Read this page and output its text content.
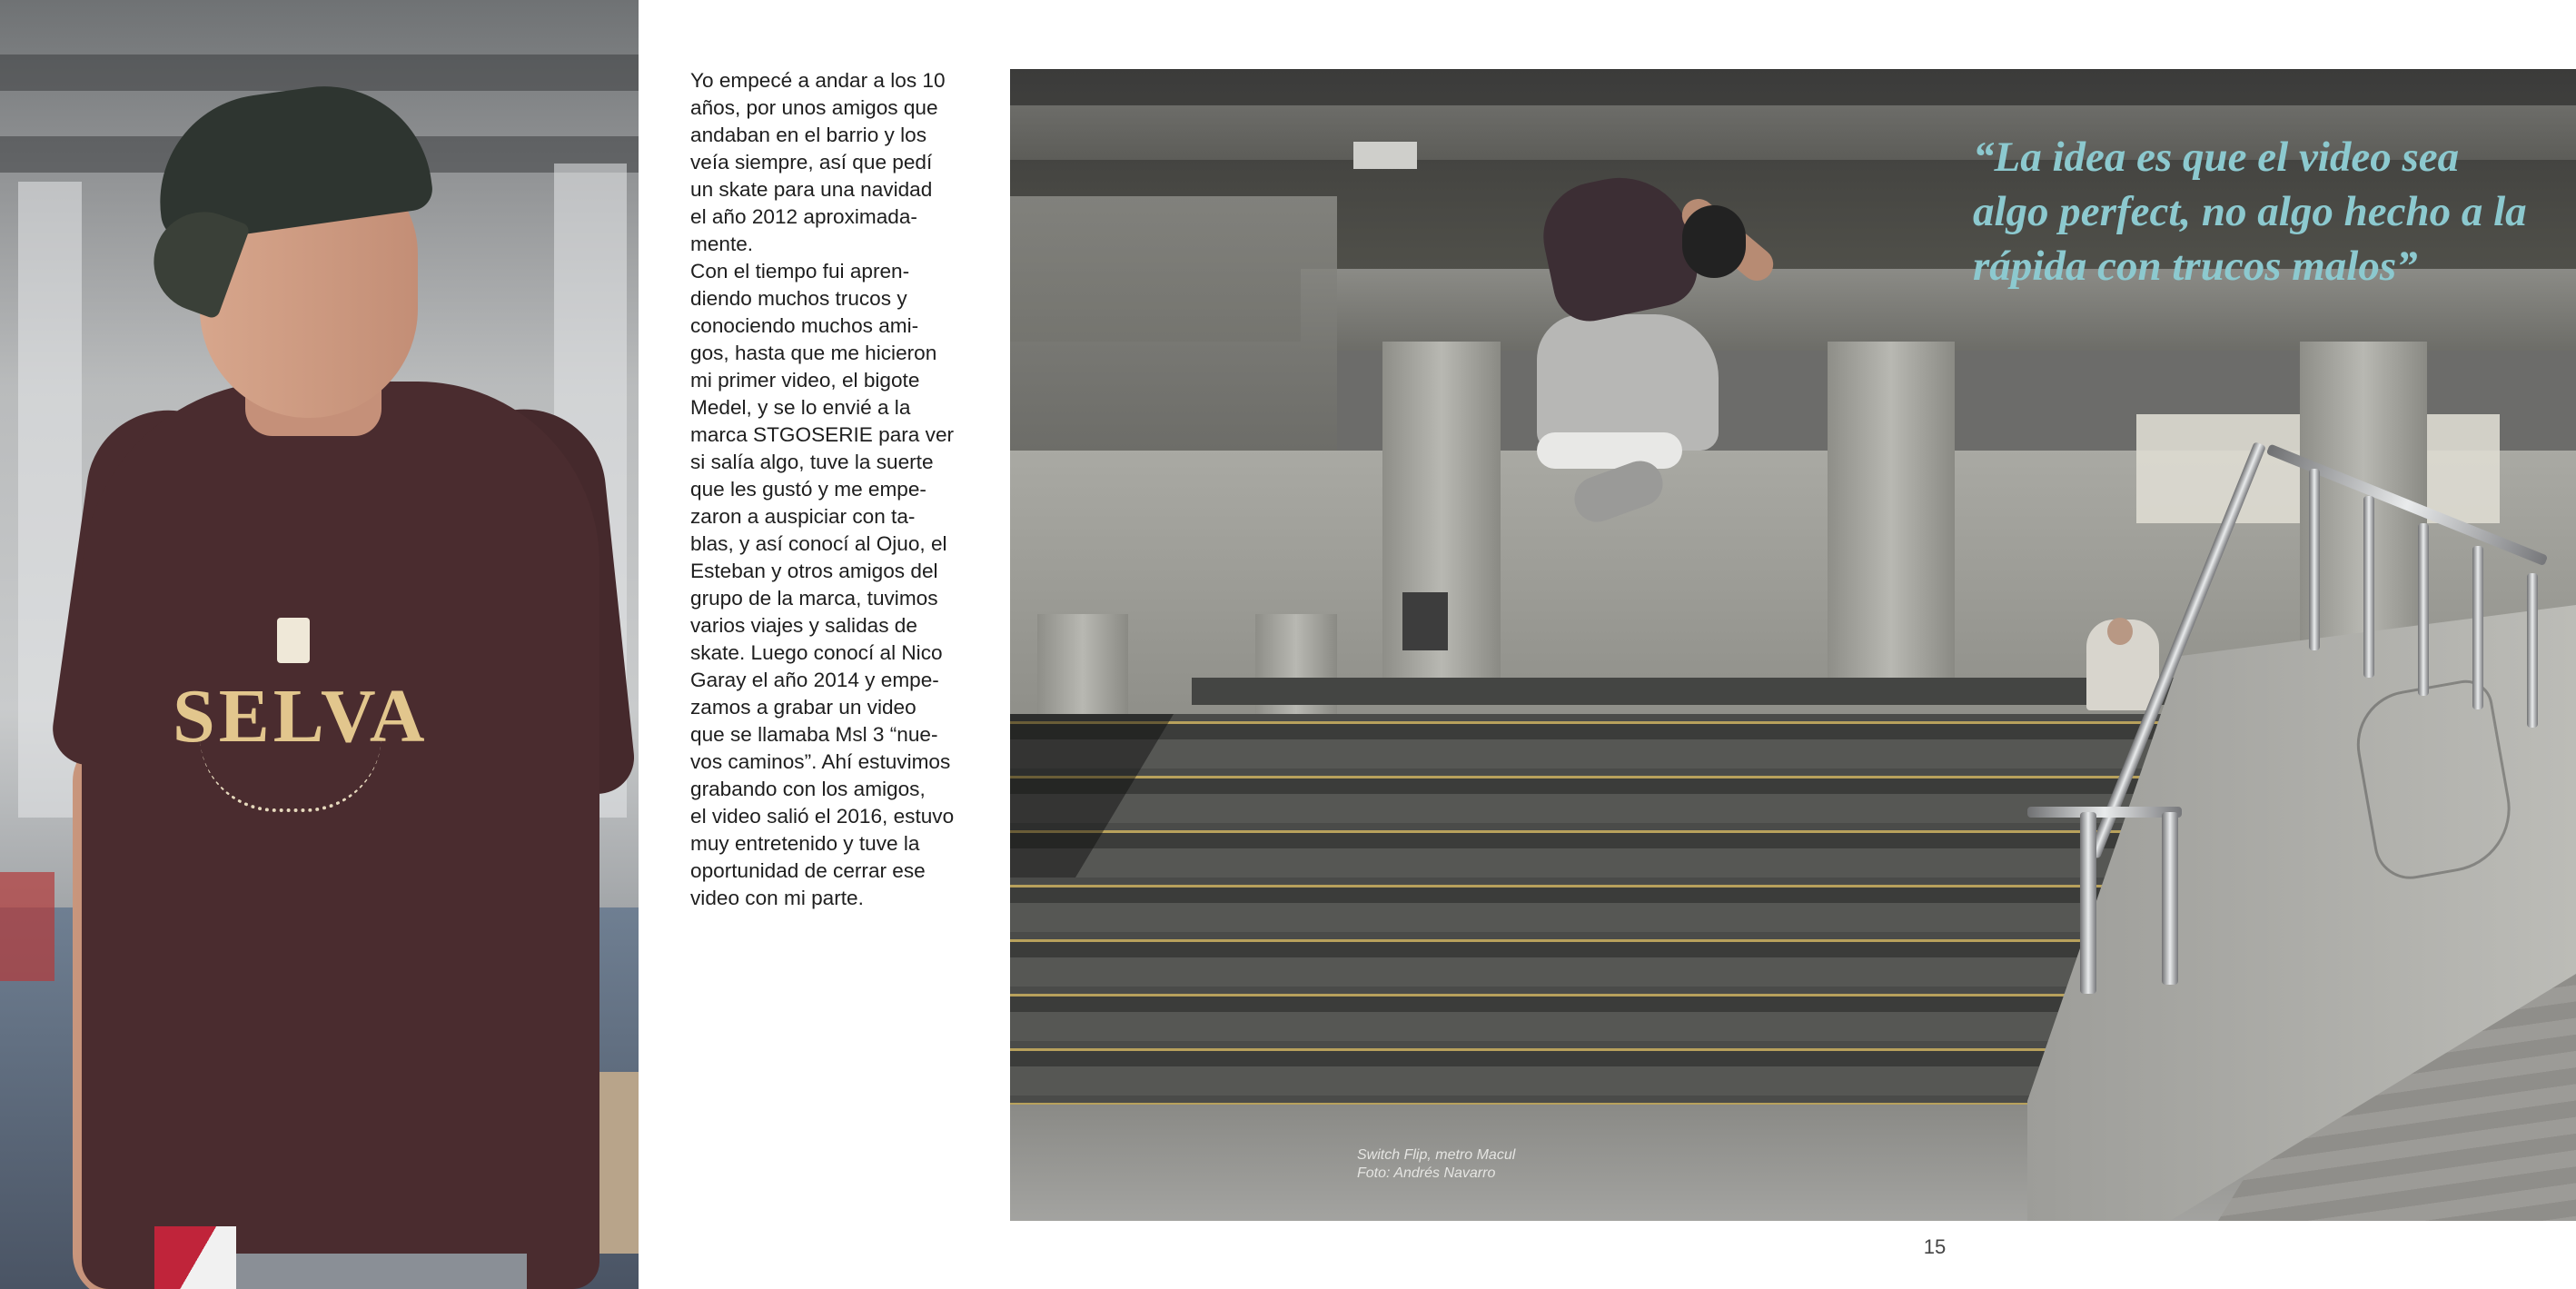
SELVA

Yo empecé a andar a los 10
años, por unos amigos que
andaban en el barrio y los
veía siempre, así que pedí
un skate para una navidad
el año 2012 aproximada-
mente.

Con el tiempo fui apren-
diendo muchos trucos y
conociendo muchos ami-
gos, hasta que me hicieron
mi primer video, el bigote
Medel, y se lo envié a la
marca STGOSERIE para ver
si salía algo, tuve la suerte
que les gustó y me empe-
zaron a auspiciar con ta-
blas, y así conocí al Ojuo, el
Esteban y otros amigos del
grupo de la marca, tuvimos
varios viajes y salidas de
skate. Luego conocí al Nico
Garay el año 2014 y empe-
zamos a grabar un video
que se llamaba Msl 3 “nue-
vos caminos”. Ahí estuvimos
grabando con los amigos,
el video salió el 2016, estuvo
muy entretenido y tuve la
oportunidad de cerrar ese
video con mi parte.

“La idea es que el video sea algo perfect, no algo hecho a la rápida con trucos malos”

Switch Flip, metro Macul
Foto: Andrés Navarro
15
